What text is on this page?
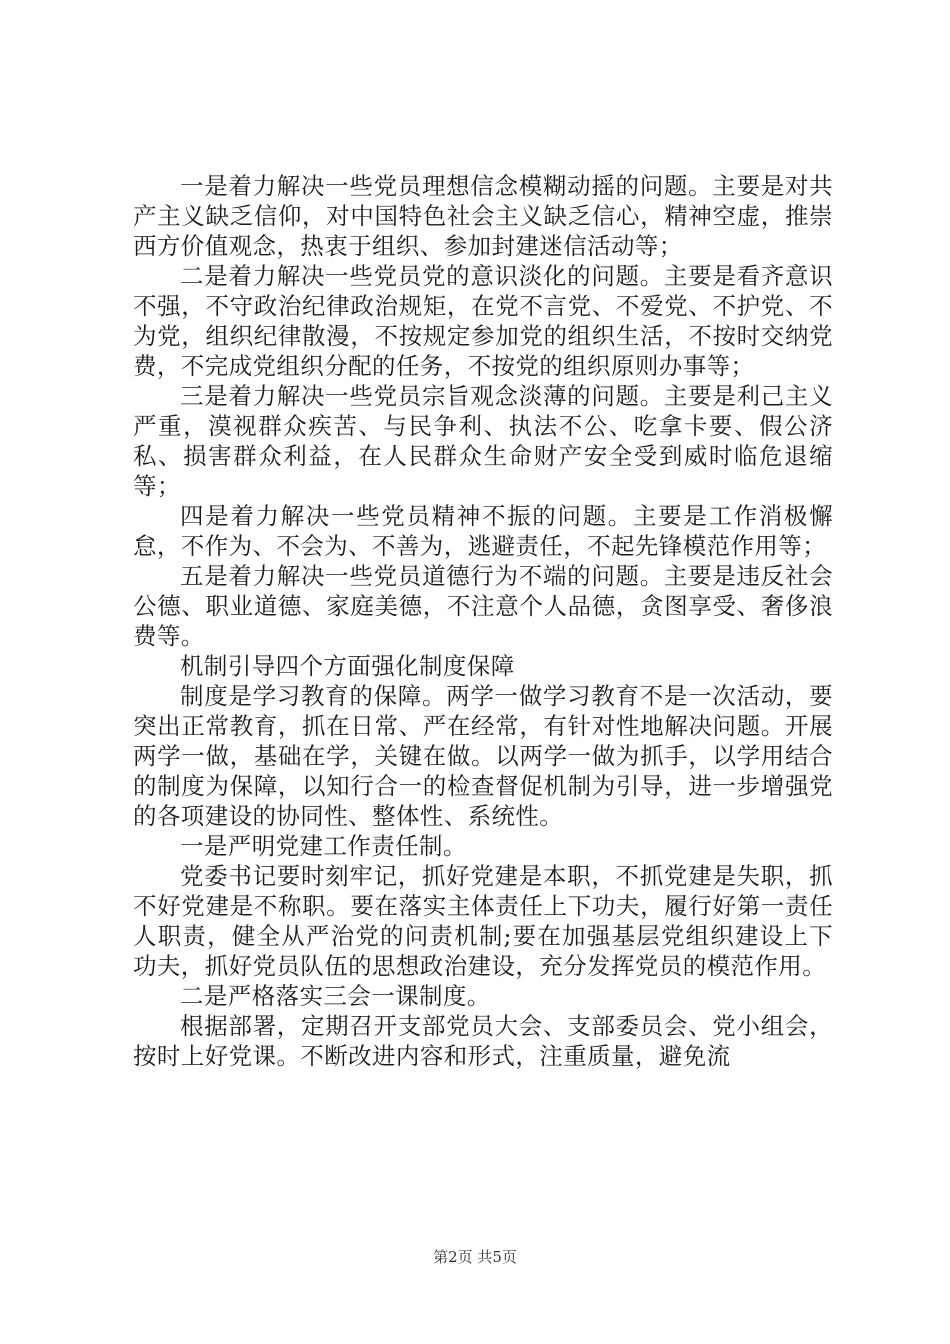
一是着力解决一些党员理想信念模糊动摇的问题。主要是对共产主义缺乏信仰，对中国特色社会主义缺乏信心，精神空虚，推崇西方价值观念，热衷于组织、参加封建迷信活动等；

二是着力解决一些党员党的意识淡化的问题。主要是看齐意识不强，不守政治纪律政治规矩，在党不言党、不爱党、不护党、不为党，组织纪律散漫，不按规定参加党的组织生活，不按时交纳党费，不完成党组织分配的任务，不按党的组织原则办事等；

三是着力解决一些党员宗旨观念淡薄的问题。主要是利己主义严重，漠视群众疾苦、与民争利、执法不公、吃拿卡要、假公济私、损害群众利益，在人民群众生命财产安全受到威时临危退缩等；

四是着力解决一些党员精神不振的问题。主要是工作消极懈怠，不作为、不会为、不善为，逃避责任，不起先锋模范作用等；

五是着力解决一些党员道德行为不端的问题。主要是违反社会公德、职业道德、家庭美德，不注意个人品德，贪图享受、奢侈浪费等。

机制引导四个方面强化制度保障

制度是学习教育的保障。两学一做学习教育不是一次活动，要突出正常教育，抓在日常、严在经常，有针对性地解决问题。开展两学一做，基础在学，关键在做。以两学一做为抓手，以学用结合的制度为保障，以知行合一的检查督促机制为引导，进一步增强党的各项建设的协同性、整体性、系统性。

一是严明党建工作责任制。

党委书记要时刻牢记，抓好党建是本职，不抓党建是失职，抓不好党建是不称职。要在落实主体责任上下功夫，履行好第一责任人职责，健全从严治党的问责机制;要在加强基层党组织建设上下功夫，抓好党员队伍的思想政治建设，充分发挥党员的模范作用。

二是严格落实三会一课制度。

根据部署，定期召开支部党员大会、支部委员会、党小组会，按时上好党课。不断改进内容和形式，注重质量，避免流

第2页 共5页
